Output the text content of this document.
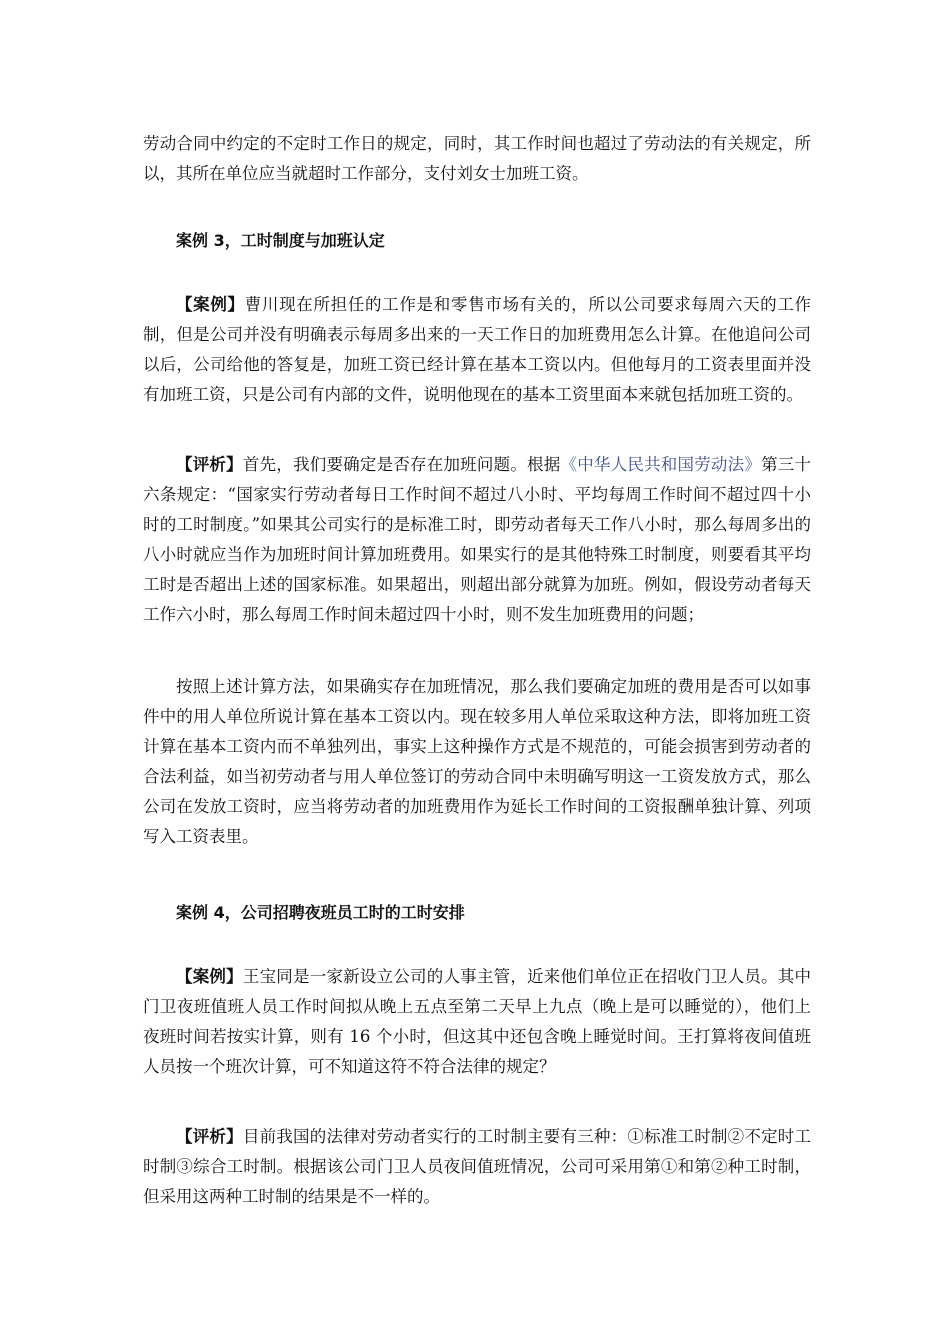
劳动合同中约定的不定时工作日的规定，同时，其工作时间也超过了劳动法的有关规定，所以，其所在单位应当就超时工作部分，支付刘女士加班工资。

案例 3，工时制度与加班认定

【案例】曹川现在所担任的工作是和零售市场有关的，所以公司要求每周六天的工作制，但是公司并没有明确表示每周多出来的一天工作日的加班费用怎么计算。在他追问公司以后，公司给他的答复是，加班工资已经计算在基本工资以内。但他每月的工资表里面并没有加班工资，只是公司有内部的文件，说明他现在的基本工资里面本来就包括加班工资的。

【评析】首先，我们要确定是否存在加班问题。根据《中华人民共和国劳动法》第三十六条规定：“国家实行劳动者每日工作时间不超过八小时、平均每周工作时间不超过四十小时的工时制度。”如果其公司实行的是标准工时，即劳动者每天工作八小时，那么每周多出的八小时就应当作为加班时间计算加班费用。如果实行的是其他特殊工时制度，则要看其平均工时是否超出上述的国家标准。如果超出，则超出部分就算为加班。例如，假设劳动者每天工作六小时，那么每周工作时间未超过四十小时，则不发生加班费用的问题；

按照上述计算方法，如果确实存在加班情况，那么我们要确定加班的费用是否可以如事件中的用人单位所说计算在基本工资以内。现在较多用人单位采取这种方法，即将加班工资计算在基本工资内而不单独列出，事实上这种操作方式是不规范的，可能会损害到劳动者的合法利益，如当初劳动者与用人单位签订的劳动合同中未明确写明这一工资发放方式，那么公司在发放工资时，应当将劳动者的加班费用作为延长工作时间的工资报酬单独计算、列项写入工资表里。

案例 4，公司招聘夜班员工时的工时安排

【案例】王宝同是一家新设立公司的人事主管，近来他们单位正在招收门卫人员。其中门卫夜班值班人员工作时间拟从晚上五点至第二天早上九点（晚上是可以睡觉的），他们上夜班时间若按实计算，则有 16 个小时，但这其中还包含晚上睡觉时间。王打算将夜间值班人员按一个班次计算，可不知道这符不符合法律的规定？

【评析】目前我国的法律对劳动者实行的工时制主要有三种：①标准工时制②不定时工时制③综合工时制。根据该公司门卫人员夜间值班情况，公司可采用第①和第②种工时制，但采用这两种工时制的结果是不一样的。
